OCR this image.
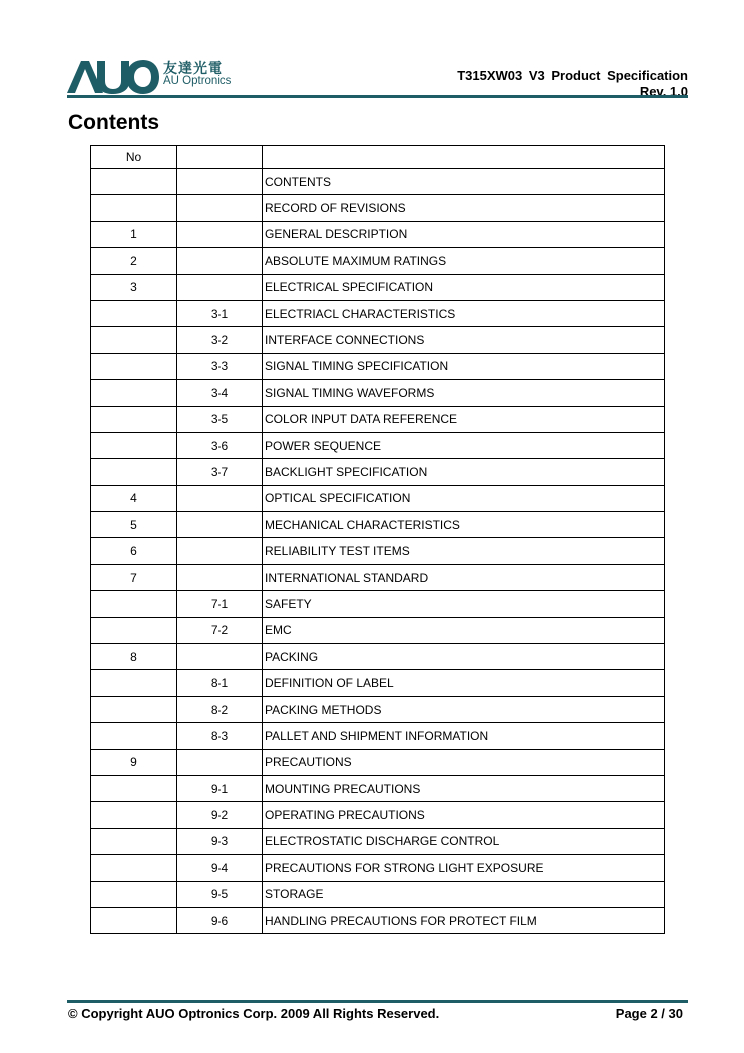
友達光電
AU Optronics	T315XW03 V3 Product Specification
Rev. 1.0
Contents
No		
		CONTENTS
		RECORD OF REVISIONS
1		GENERAL DESCRIPTION
2		ABSOLUTE MAXIMUM RATINGS
3		ELECTRICAL SPECIFICATION
	3-1	ELECTRIACL CHARACTERISTICS
	3-2	INTERFACE CONNECTIONS
	3-3	SIGNAL TIMING SPECIFICATION
	3-4	SIGNAL TIMING WAVEFORMS
	3-5	COLOR INPUT DATA REFERENCE
	3-6	POWER SEQUENCE
	3-7	BACKLIGHT SPECIFICATION
4		OPTICAL SPECIFICATION
5		MECHANICAL CHARACTERISTICS
6		RELIABILITY TEST ITEMS
7		INTERNATIONAL STANDARD
	7-1	SAFETY
	7-2	EMC
8		PACKING
	8-1	DEFINITION OF LABEL
	8-2	PACKING METHODS
	8-3	PALLET AND SHIPMENT INFORMATION
9		PRECAUTIONS
	9-1	MOUNTING PRECAUTIONS
	9-2	OPERATING PRECAUTIONS
	9-3	ELECTROSTATIC DISCHARGE CONTROL
	9-4	PRECAUTIONS FOR STRONG LIGHT EXPOSURE
	9-5	STORAGE
	9-6	HANDLING PRECAUTIONS FOR PROTECT FILM
© Copyright AUO Optronics Corp. 2009 All Rights Reserved.	Page 2 / 30
